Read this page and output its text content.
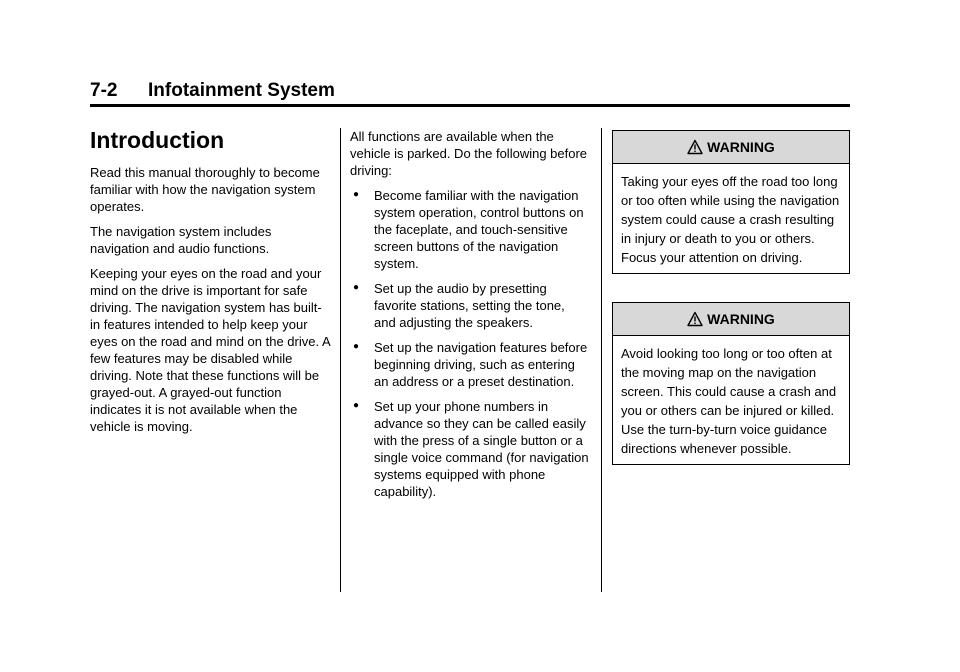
7-2 Infotainment System
Introduction

Read this manual thoroughly to become familiar with how the navigation system operates.

The navigation system includes navigation and audio functions.

Keeping your eyes on the road and your mind on the drive is important for safe driving. The navigation system has built-in features intended to help keep your eyes on the road and mind on the drive. A few features may be disabled while driving. Note that these functions will be grayed-out. A grayed-out function indicates it is not available when the vehicle is moving.

All functions are available when the vehicle is parked. Do the following before driving:

● Become familiar with the navigation system operation, control buttons on the faceplate, and touch-sensitive screen buttons of the navigation system.
● Set up the audio by presetting favorite stations, setting the tone, and adjusting the speakers.
● Set up the navigation features before beginning driving, such as entering an address or a preset destination.
● Set up your phone numbers in advance so they can be called easily with the press of a single button or a single voice command (for navigation systems equipped with phone capability).
WARNING
Taking your eyes off the road too long or too often while using the navigation system could cause a crash resulting in injury or death to you or others. Focus your attention on driving.
WARNING
Avoid looking too long or too often at the moving map on the navigation screen. This could cause a crash and you or others can be injured or killed. Use the turn-by-turn voice guidance directions whenever possible.
